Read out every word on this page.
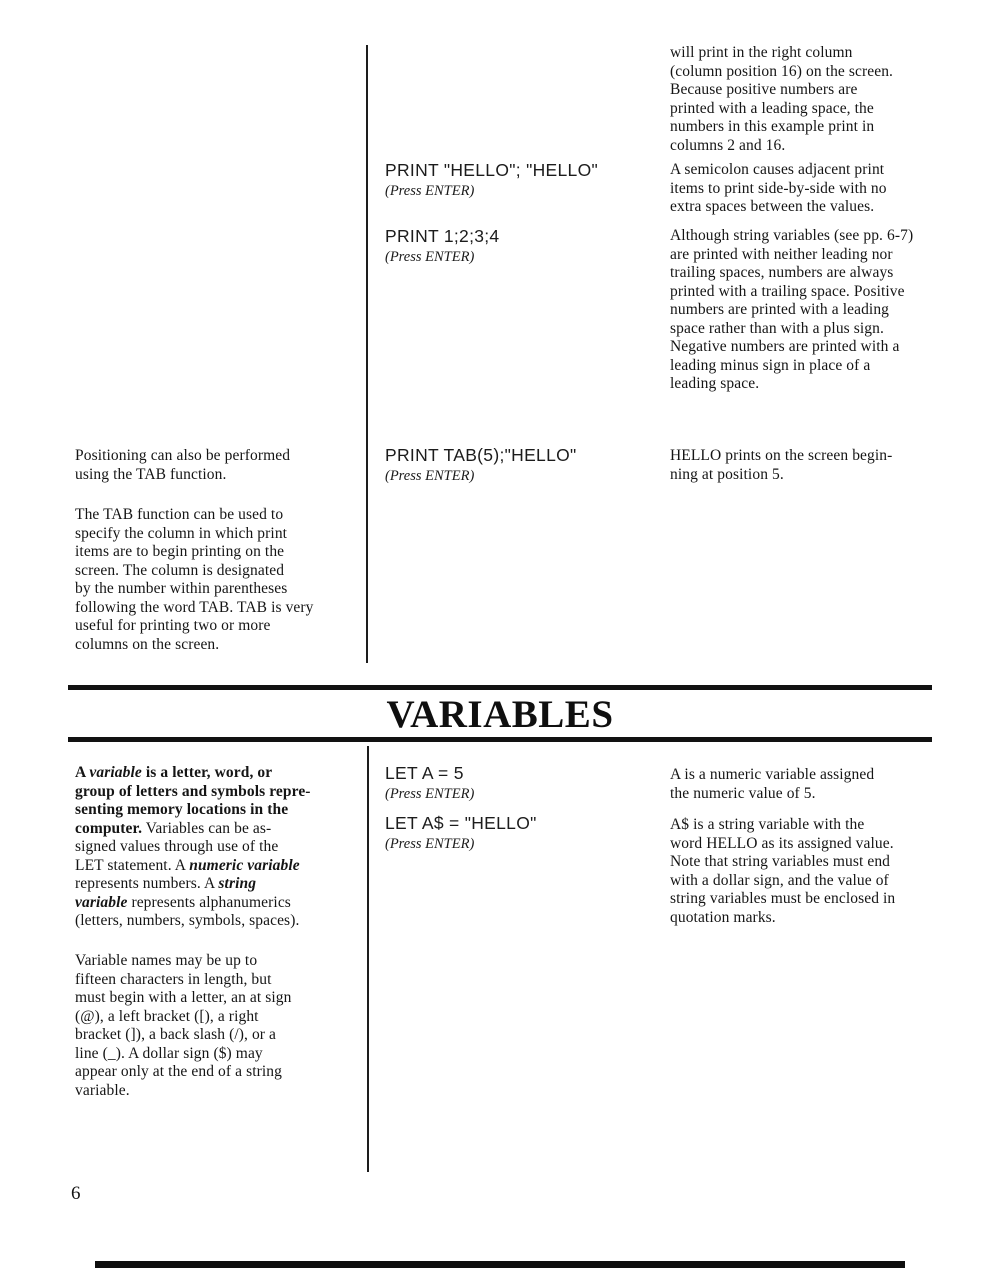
will print in the right column
(column position 16) on the screen.
Because positive numbers are
printed with a leading space, the
numbers in this example print in
columns 2 and 16.
PRINT "HELLO"; "HELLO"
(Press ENTER)
A semicolon causes adjacent print
items to print side-by-side with no
extra spaces between the values.
PRINT 1;2;3;4
(Press ENTER)
Although string variables (see pp. 6-7)
are printed with neither leading nor
trailing spaces, numbers are always
printed with a trailing space. Positive
numbers are printed with a leading
space rather than with a plus sign.
Negative numbers are printed with a
leading minus sign in place of a
leading space.
Positioning can also be performed
using the TAB function.
PRINT TAB(5);"HELLO"
(Press ENTER)
HELLO prints on the screen begin-
ning at position 5.
The TAB function can be used to
specify the column in which print
items are to begin printing on the
screen. The column is designated
by the number within parentheses
following the word TAB. TAB is very
useful for printing two or more
columns on the screen.
VARIABLES
A variable is a letter, word, or
group of letters and symbols repre-
senting memory locations in the
computer. Variables can be as-
signed values through use of the
LET statement. A numeric variable
represents numbers. A string
variable represents alphanumerics
(letters, numbers, symbols, spaces).
Variable names may be up to
fifteen characters in length, but
must begin with a letter, an at sign
(@), a left bracket ([), a right
bracket (]), a back slash (/), or a
line (_). A dollar sign ($) may
appear only at the end of a string
variable.
LET A = 5
(Press ENTER)
A is a numeric variable assigned
the numeric value of 5.
LET A$ = "HELLO"
(Press ENTER)
A$ is a string variable with the
word HELLO as its assigned value.
Note that string variables must end
with a dollar sign, and the value of
string variables must be enclosed in
quotation marks.
6
